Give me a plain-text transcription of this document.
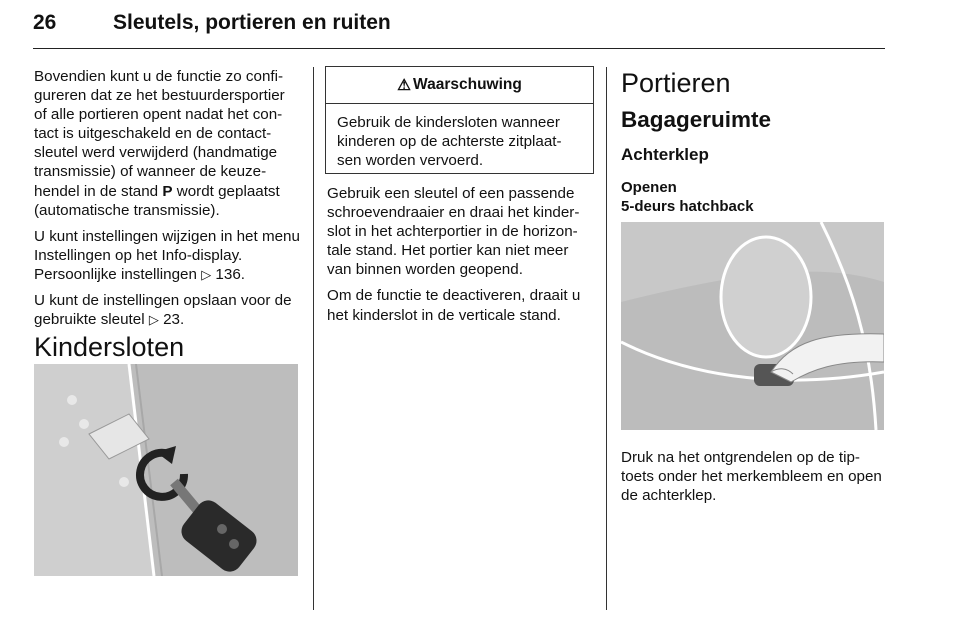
26	Sleutels, portieren en ruiten

Bovendien kunt u de functie zo confi-gureren dat ze het bestuurdersportier of alle portieren opent nadat het con-tact is uitgeschakeld en de contact-sleutel werd verwijderd (handmatige transmissie) of wanneer de keuze-hendel in de stand P wordt geplaatst (automatische transmissie).

U kunt instellingen wijzigen in het menu Instellingen op het Info-display. Persoonlijke instellingen ▷ 136.

U kunt de instellingen opslaan voor de gebruikte sleutel ▷ 23.

Kindersloten
⚠ Waarschuwing
Gebruik de kindersloten wanneer kinderen op de achterste zitplaat-sen worden vervoerd.

Gebruik een sleutel of een passende schroevendraaier en draai het kinder-slot in het achterportier in de horizon-tale stand. Het portier kan niet meer van binnen worden geopend.

Om de functie te deactiveren, draait u het kinderslot in de verticale stand.

Portieren
Bagageruimte
Achterklep
Openen
5-deurs hatchback

Druk na het ontgrendelen op de tip-toets onder het merkembleem en open de achterklep.
